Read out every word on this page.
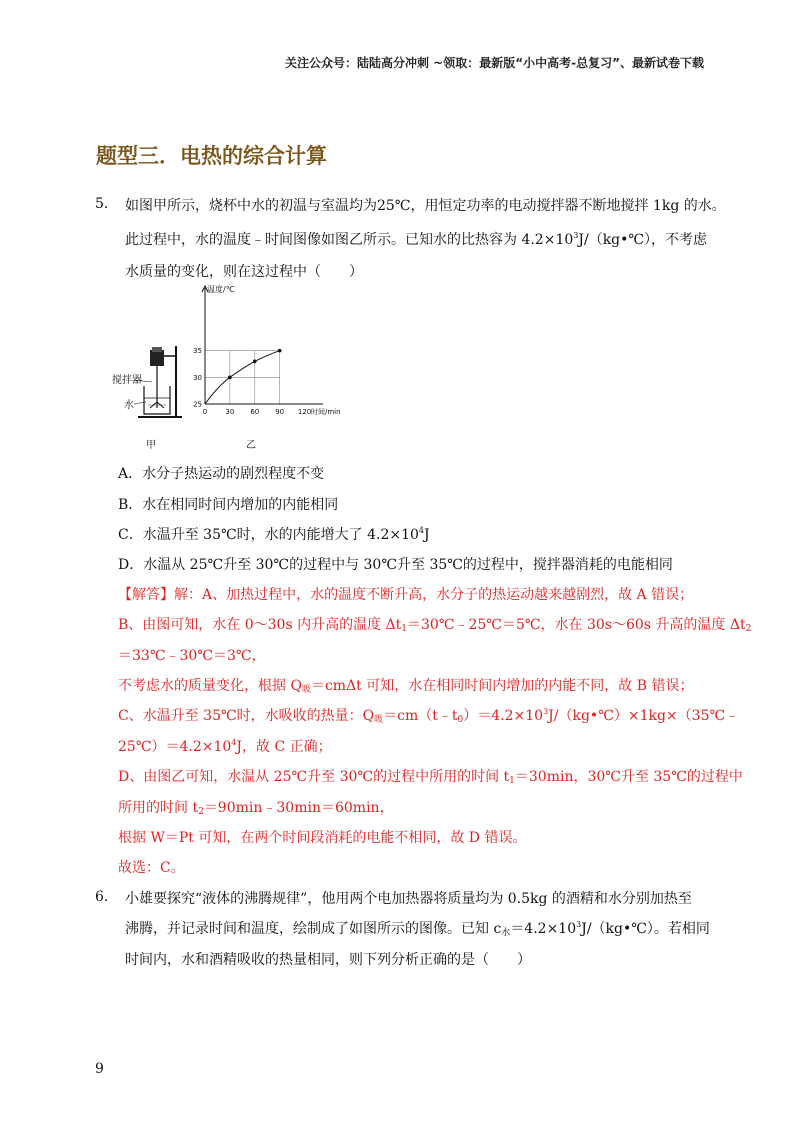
关注公众号：陆陆高分冲刺 ~领取：最新版“小中高考-总复习”、最新试卷下载
题型三．电热的综合计算
5. 如图甲所示，烧杯中水的初温与室温均为25℃，用恒定功率的电动搅拌器不断地搅拌 1kg 的水。
此过程中，水的温度﹣时间图像如图乙所示。已知水的比热容为 $4.2\times 10^3J/(kg•℃)$，不考虑
水质量的变化，则在这过程中（　　）
搅拌器
水
甲
0	30 60 90 120
25
30
35
温度/℃
时间/min
乙
A．水分子热运动的剧烈程度不变
B．水在相同时间内增加的内能相同
C．水温升至 35℃时，水的内能增大了 $4.2\times 10^4J$
D．水温从 25℃升至 30℃的过程中与 30℃升至 35℃的过程中，搅拌器消耗的电能相同
【解答】解：A、加热过程中，水的温度不断升高，水分子的热运动越来越剧烈，故 A 错误；
B、由图可知，水在 0～30s 内升高的温度 $\Delta t_1=30℃﹣25℃=5℃$，水在 30s～60s 升高的温度 $\Delta t_2$
＝33℃﹣30℃＝3℃，
不考虑水的质量变化，根据 $Q_吸=cm\Delta t$ 可知，水在相同时间内增加的内能不同，故 B 错误；
C、水温升至 35℃时，水吸收的热量：$Q_吸=cm(t﹣t_0)=4.2\times 10^3J/(kg•℃)\times 1kg\times(35℃﹣$
$25℃)=4.2\times 10^4J$，故 C 正确；
D、由图乙可知，水温从 25℃升至 30℃的过程中所用的时间 $t_1=30\min$，30℃升至 35℃的过程中
所用的时间 $t_2=90\min﹣30\min=60\min$，
根据 W＝Pt 可知，在两个时间段消耗的电能不相同，故 D 错误。
故选：C。
6. 小雄要探究“液体的沸腾规律”，他用两个电加热器将质量均为 0.5kg 的酒精和水分别加热至
沸腾，并记录时间和温度，绘制成了如图所示的图像。已知 $c_水=4.2\times 10^3J/(kg•℃)$。若相同
时间内，水和酒精吸收的热量相同，则下列分析正确的是（　　）
9
